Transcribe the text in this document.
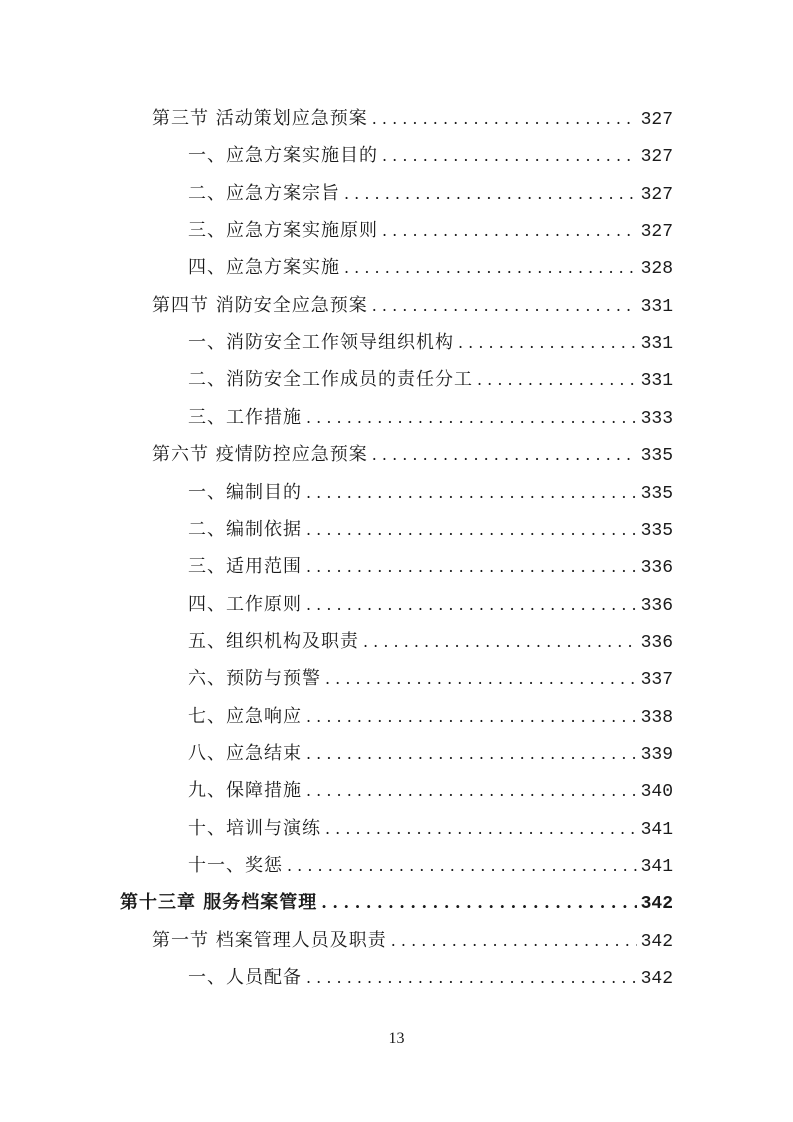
第三节 活动策划应急预案 . . .	327
一、应急方案实施目的 . . .	327
二、应急方案宗旨 . . .	327
三、应急方案实施原则 . . .	327
四、应急方案实施 . . .	328
第四节 消防安全应急预案 . . .	331
一、消防安全工作领导组织机构 . . .	331
二、消防安全工作成员的责任分工 . . .	331
三、工作措施 . . .	333
第六节 疫情防控应急预案 . . .	335
一、编制目的 . . .	335
二、编制依据 . . .	335
三、适用范围 . . .	336
四、工作原则 . . .	336
五、组织机构及职责 . . .	336
六、预防与预警 . . .	337
七、应急响应 . . .	338
八、应急结束 . . .	339
九、保障措施 . . .	340
十、培训与演练 . . .	341
十一、奖惩 . . .	341
第十三章 服务档案管理 . . .	342
第一节 档案管理人员及职责 . . .	342
一、人员配备 . . .	342
13
